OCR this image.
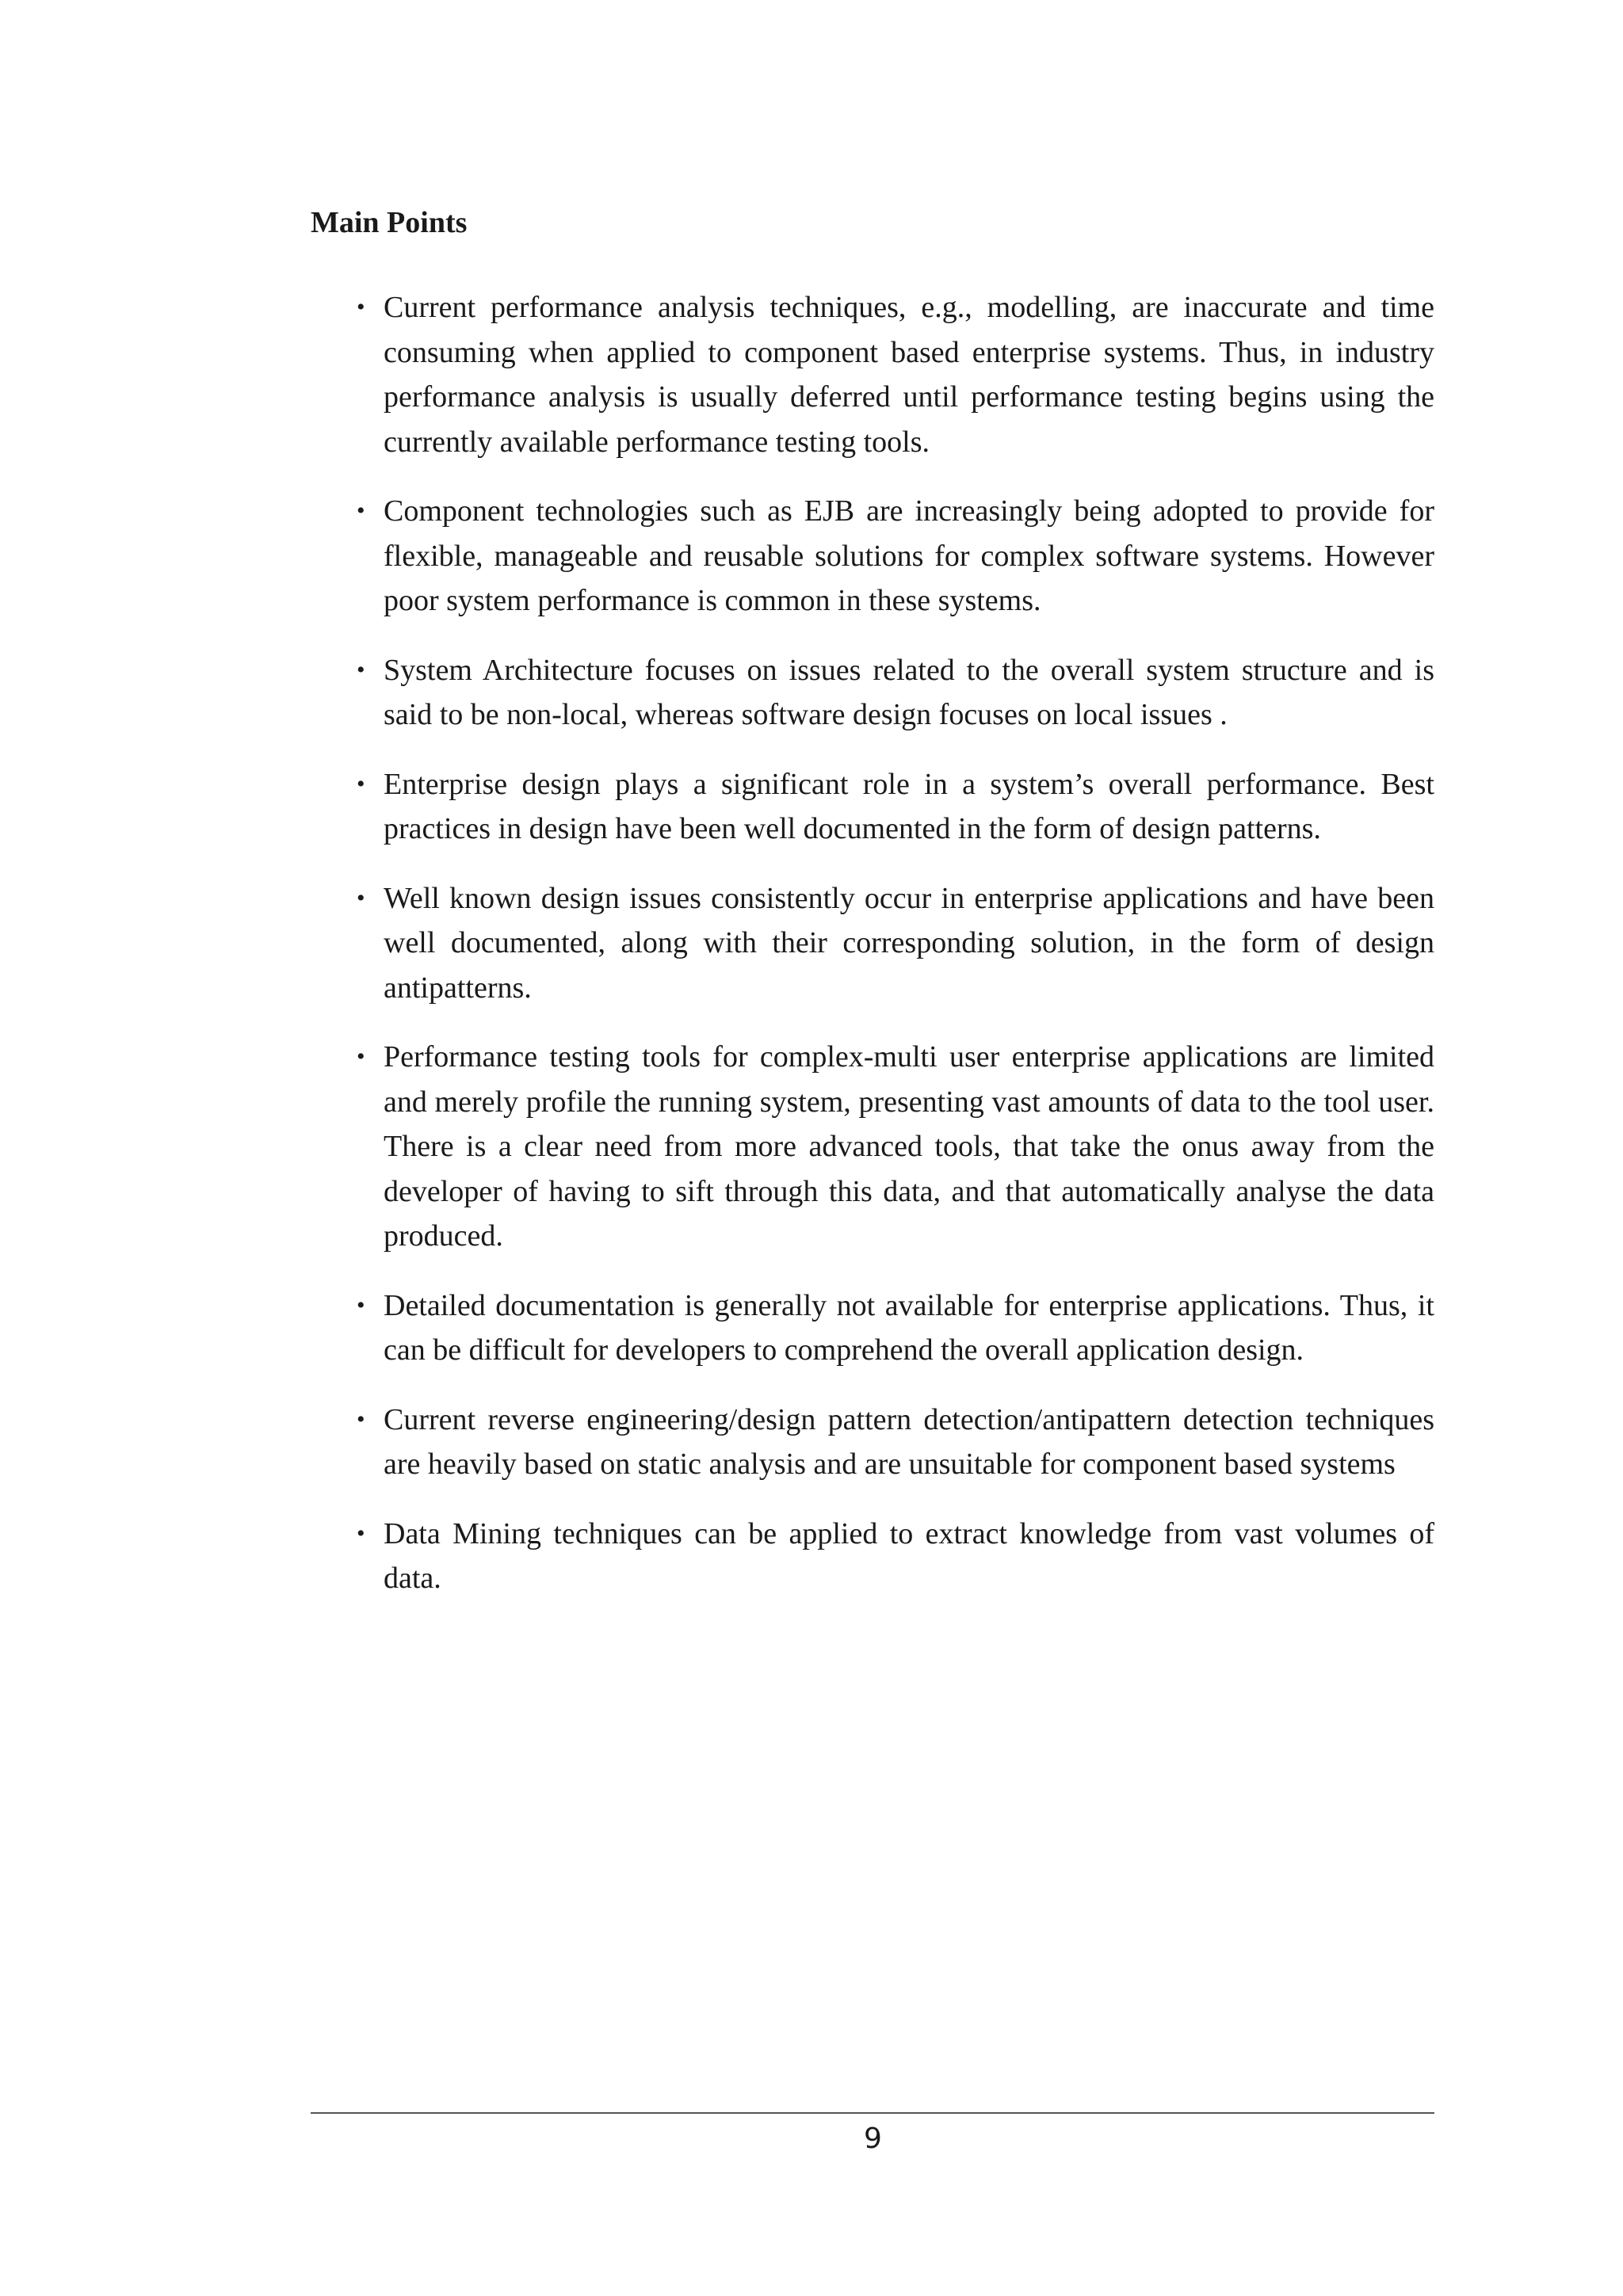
Main Points
• Current performance analysis techniques, e.g., modelling, are inaccurate and time consuming when applied to component based enterprise systems. Thus, in industry performance analysis is usually deferred until performance testing begins using the currently available performance testing tools.
• Component technologies such as EJB are increasingly being adopted to provide for flexible, manageable and reusable solutions for complex software systems. However poor system performance is common in these systems.
• System Architecture focuses on issues related to the overall system structure and is said to be non-local, whereas software design focuses on local issues .
• Enterprise design plays a significant role in a system’s overall performance. Best practices in design have been well documented in the form of design patterns.
• Well known design issues consistently occur in enterprise applications and have been well documented, along with their corresponding solution, in the form of design antipatterns.
• Performance testing tools for complex-multi user enterprise applications are limited and merely profile the running system, presenting vast amounts of data to the tool user. There is a clear need from more advanced tools, that take the onus away from the developer of having to sift through this data, and that automatically analyse the data produced.
• Detailed documentation is generally not available for enterprise applications. Thus, it can be difficult for developers to comprehend the overall application design.
• Current reverse engineering/design pattern detection/antipattern detection techniques are heavily based on static analysis and are unsuitable for component based systems
• Data Mining techniques can be applied to extract knowledge from vast volumes of data.
9
